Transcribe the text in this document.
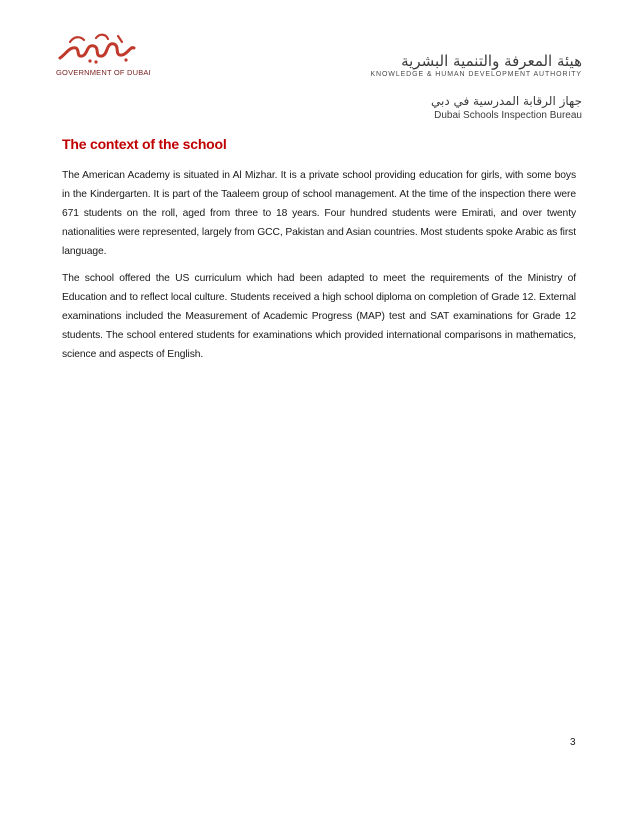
GOVERNMENT OF DUBAI
هيئة المعرفة والتنمية البشرية
KNOWLEDGE & HUMAN DEVELOPMENT AUTHORITY
جهاز الرقابة المدرسية في دبي
Dubai Schools Inspection Bureau
The context of the school

The American Academy is situated in Al Mizhar. It is a private school providing education for girls, with some boys in the Kindergarten. It is part of the Taaleem group of school management. At the time of the inspection there were 671 students on the roll, aged from three to 18 years. Four hundred students were Emirati, and over twenty nationalities were represented, largely from GCC, Pakistan and Asian countries. Most students spoke Arabic as first language.

The school offered the US curriculum which had been adapted to meet the requirements of the Ministry of Education and to reflect local culture. Students received a high school diploma on completion of Grade 12. External examinations included the Measurement of Academic Progress (MAP) test and SAT examinations for Grade 12 students. The school entered students for examinations which provided international comparisons in mathematics, science and aspects of English.

3
